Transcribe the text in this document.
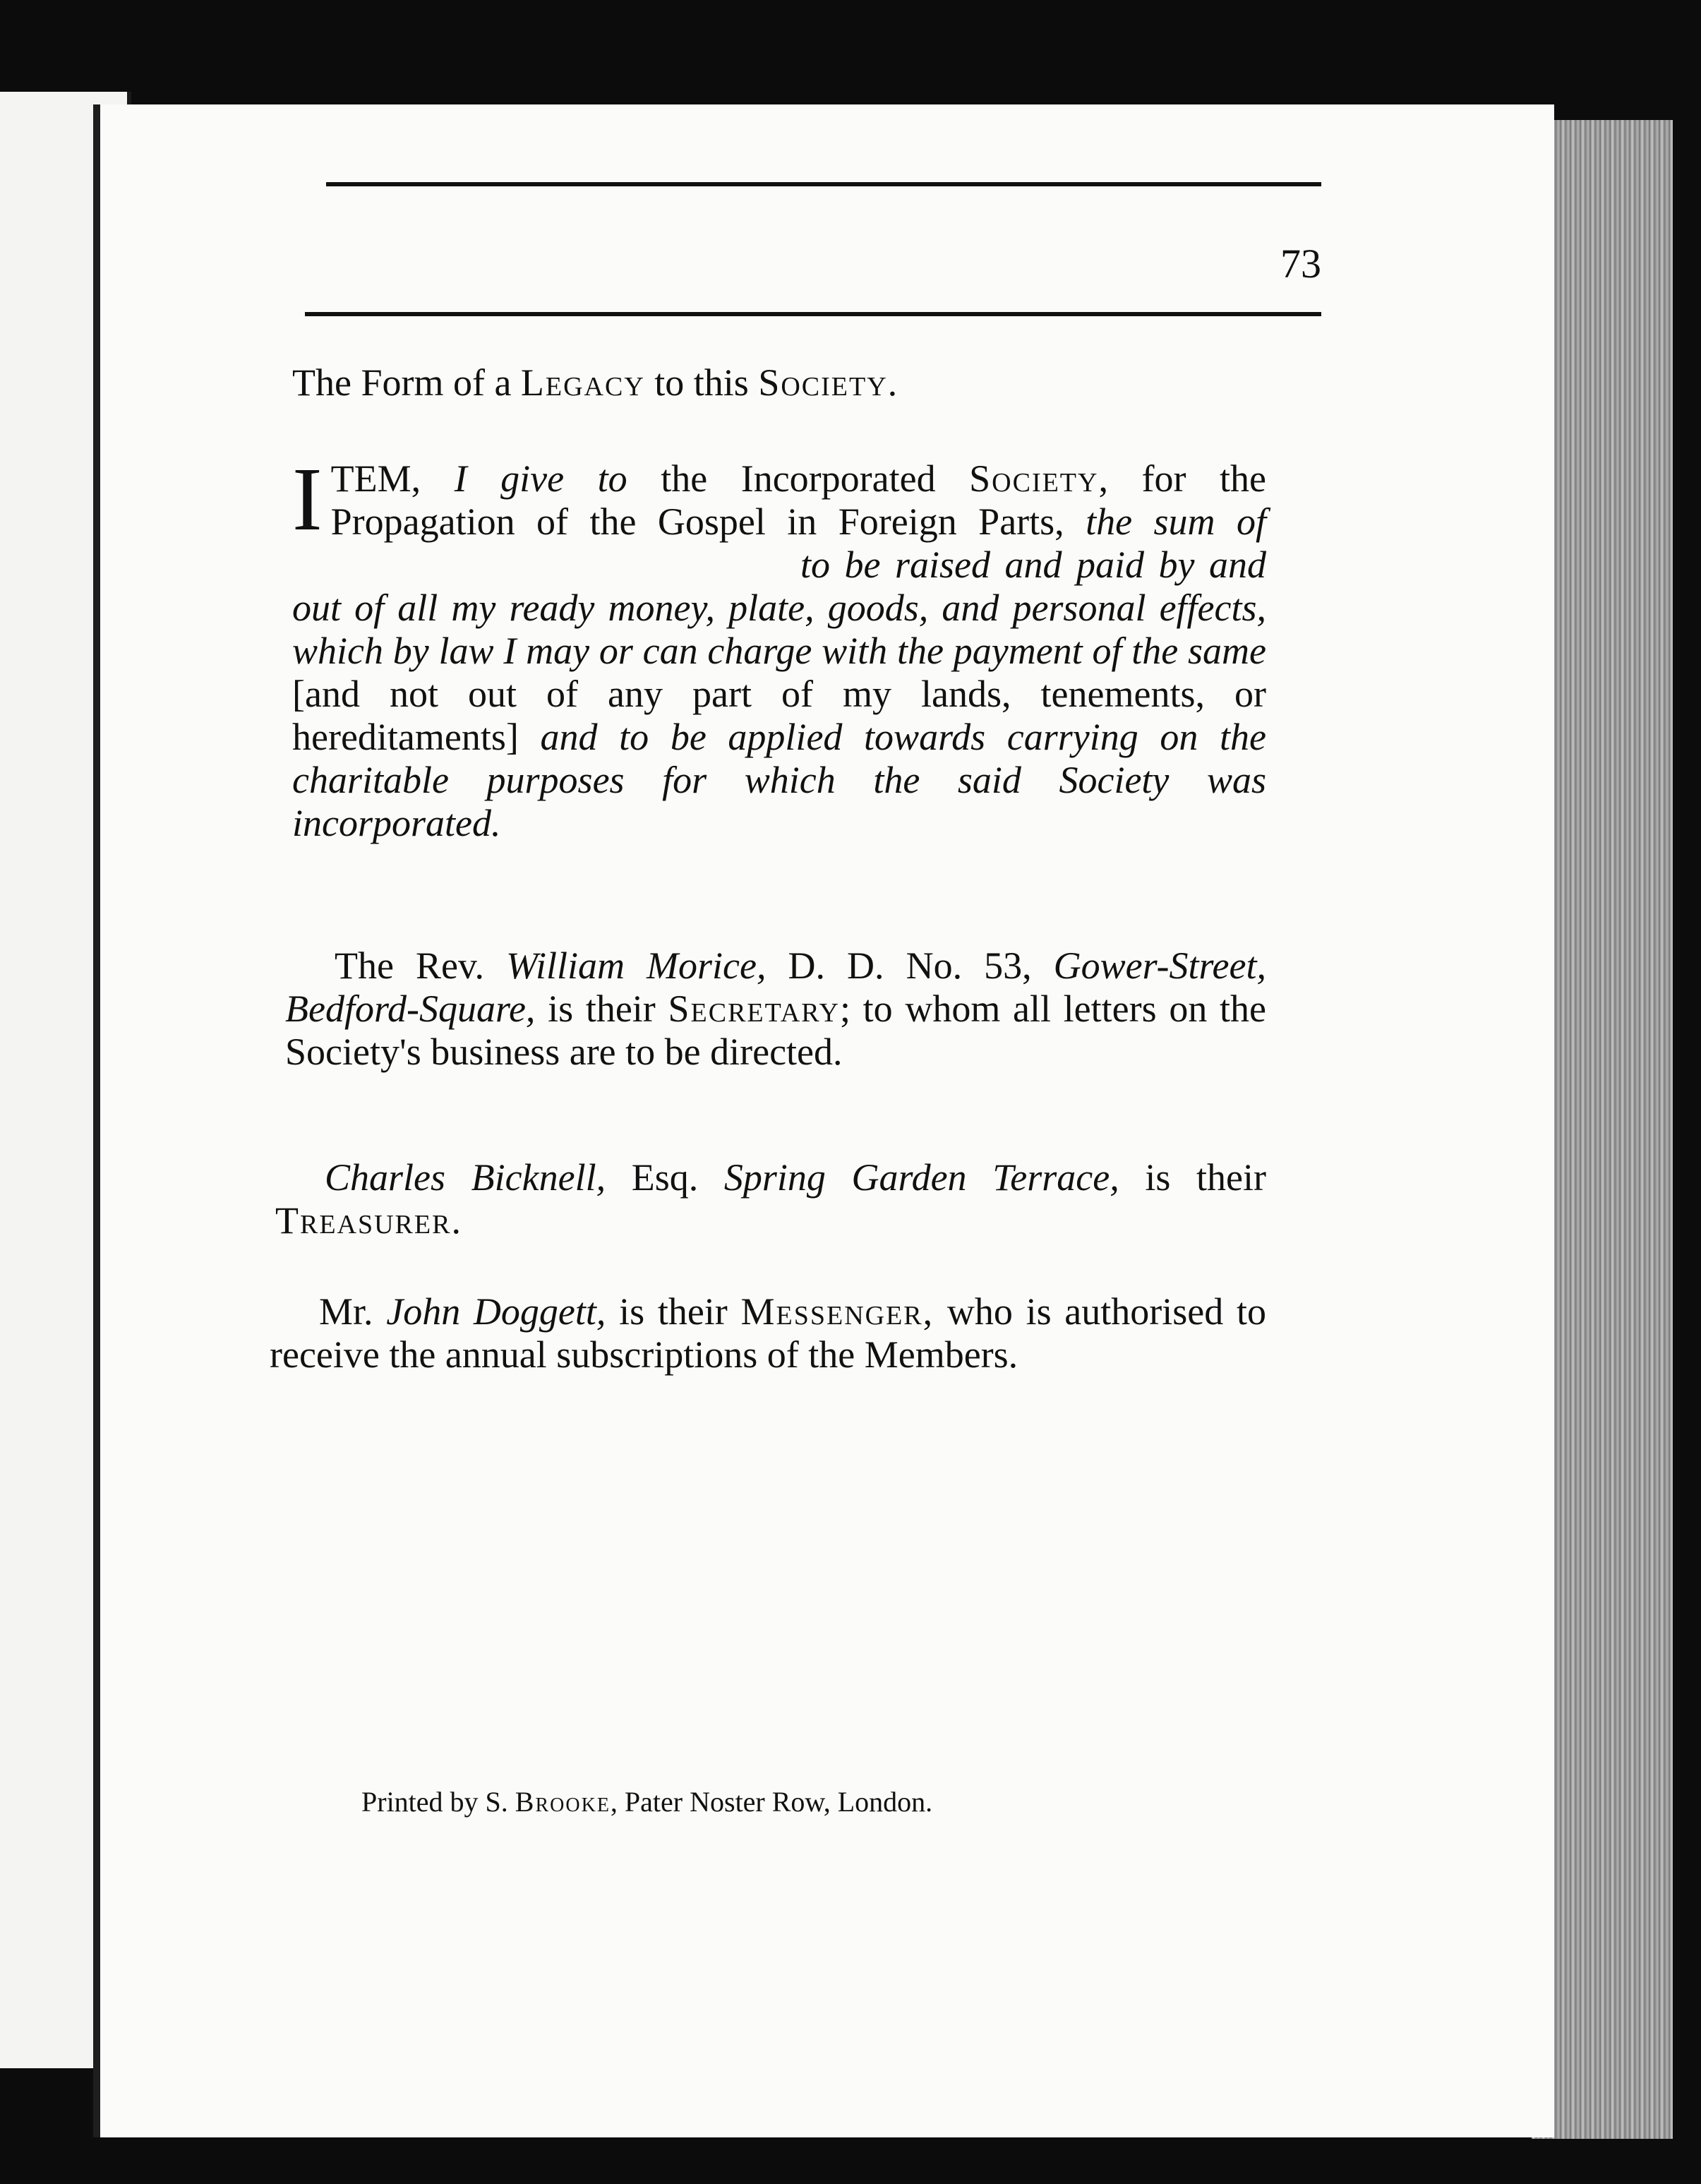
73
The Form of a Legacy to this Society.
ITEM, I give to the Incorporated Society, for the Propagation of the Gospel in Foreign Parts, the sum ofto be raised and paid by and out of all my ready money, plate, goods, and personal effects, which by law I may or can charge with the payment of the same [and not out of any part of my lands, tenements, or hereditaments] and to be applied towards carrying on the charitable purposes for which the said Society was incorporated.
The Rev. William Morice, D. D. No. 53, Gower-Street, Bedford-Square, is their Secretary; to whom all letters on the Society's business are to be directed.
Charles Bicknell, Esq. Spring Garden Terrace, is their Treasurer.
Mr. John Doggett, is their Messenger, who is authorised to receive the annual subscriptions of the Members.
Printed by S. Brooke, Pater Noster Row, London.
